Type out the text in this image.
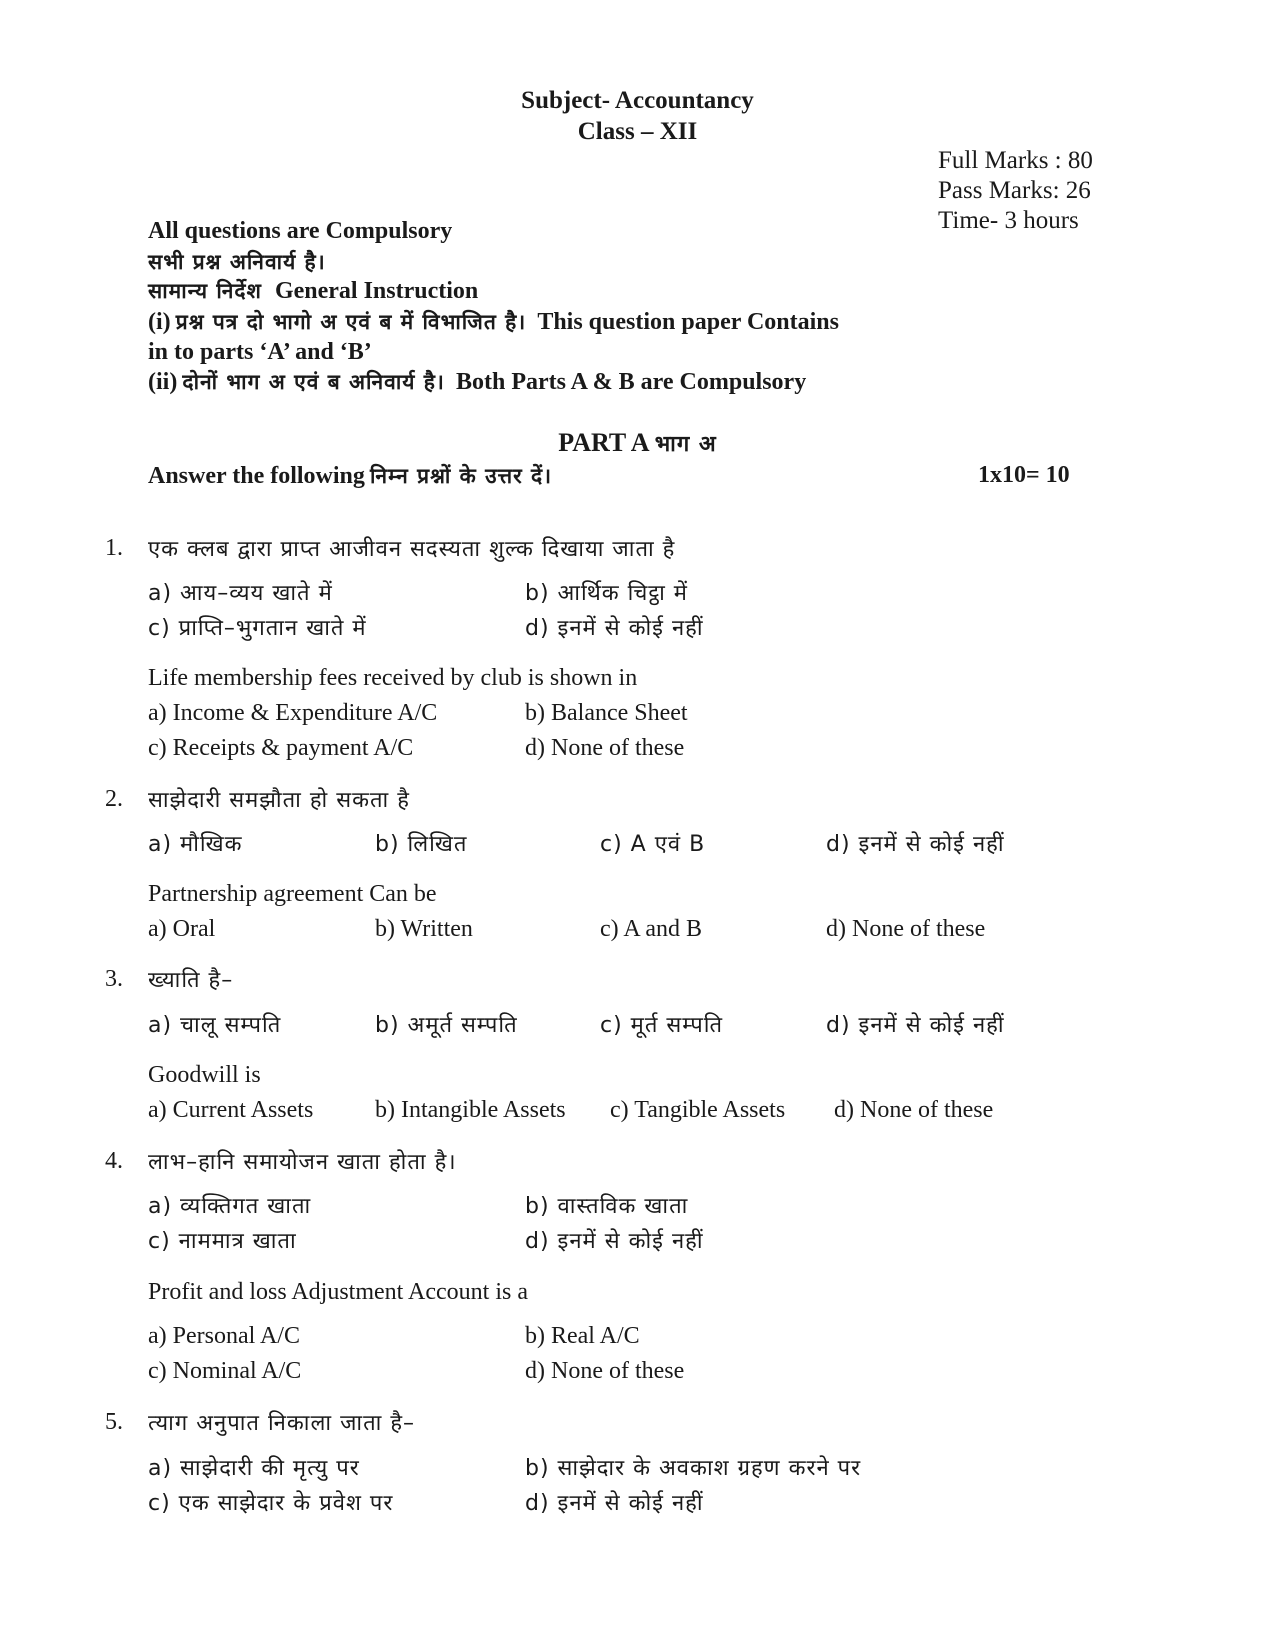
Subject- Accountancy
Class – XII
Full Marks : 80
Pass Marks: 26
Time- 3 hours
All questions are Compulsory
सभी प्रश्न अनिवार्य है।
सामान्य निर्देश General Instruction
(i) प्रश्न पत्र दो भागो अ एवं ब में विभाजित है। This question paper Contains
in to parts ‘A’ and ‘B’
(ii) दोनों भाग अ एवं ब अनिवार्य है। Both Parts A & B are Compulsory
PART A भाग अ
Answer the following निम्न प्रश्नों के उत्तर दें।	1x10= 10
1. एक क्लब द्वारा प्राप्त आजीवन सदस्यता शुल्क दिखाया जाता है
a) आय–व्यय खाते में	b) आर्थिक चिट्ठा में
c) प्राप्ति–भुगतान खाते में	d) इनमें से कोई नहीं
Life membership fees received by club is shown in
a) Income & Expenditure A/C	b) Balance Sheet
c) Receipts & payment A/C	d) None of these
2. साझेदारी समझौता हो सकता है
a) मौखिक	b) लिखित	c) A एवं B	d) इनमें से कोई नहीं
Partnership agreement Can be
a) Oral	b) Written	c) A and B	d) None of these
3. ख्याति है–
a) चालू सम्पति	b) अमूर्त सम्पति	c) मूर्त सम्पति	d) इनमें से कोई नहीं
Goodwill is
a) Current Assets	b) Intangible Assets c) Tangible Assets d) None of these
4. लाभ–हानि समायोजन खाता होता है।
a) व्यक्तिगत खाता	b) वास्तविक खाता
c) नाममात्र खाता	d) इनमें से कोई नहीं
Profit and loss Adjustment Account is a
a) Personal A/C	b) Real A/C
c) Nominal A/C	d) None of these
5. त्याग अनुपात निकाला जाता है–
a) साझेदारी की मृत्यु पर	b) साझेदार के अवकाश ग्रहण करने पर
c) एक साझेदार के प्रवेश पर	d) इनमें से कोई नहीं
